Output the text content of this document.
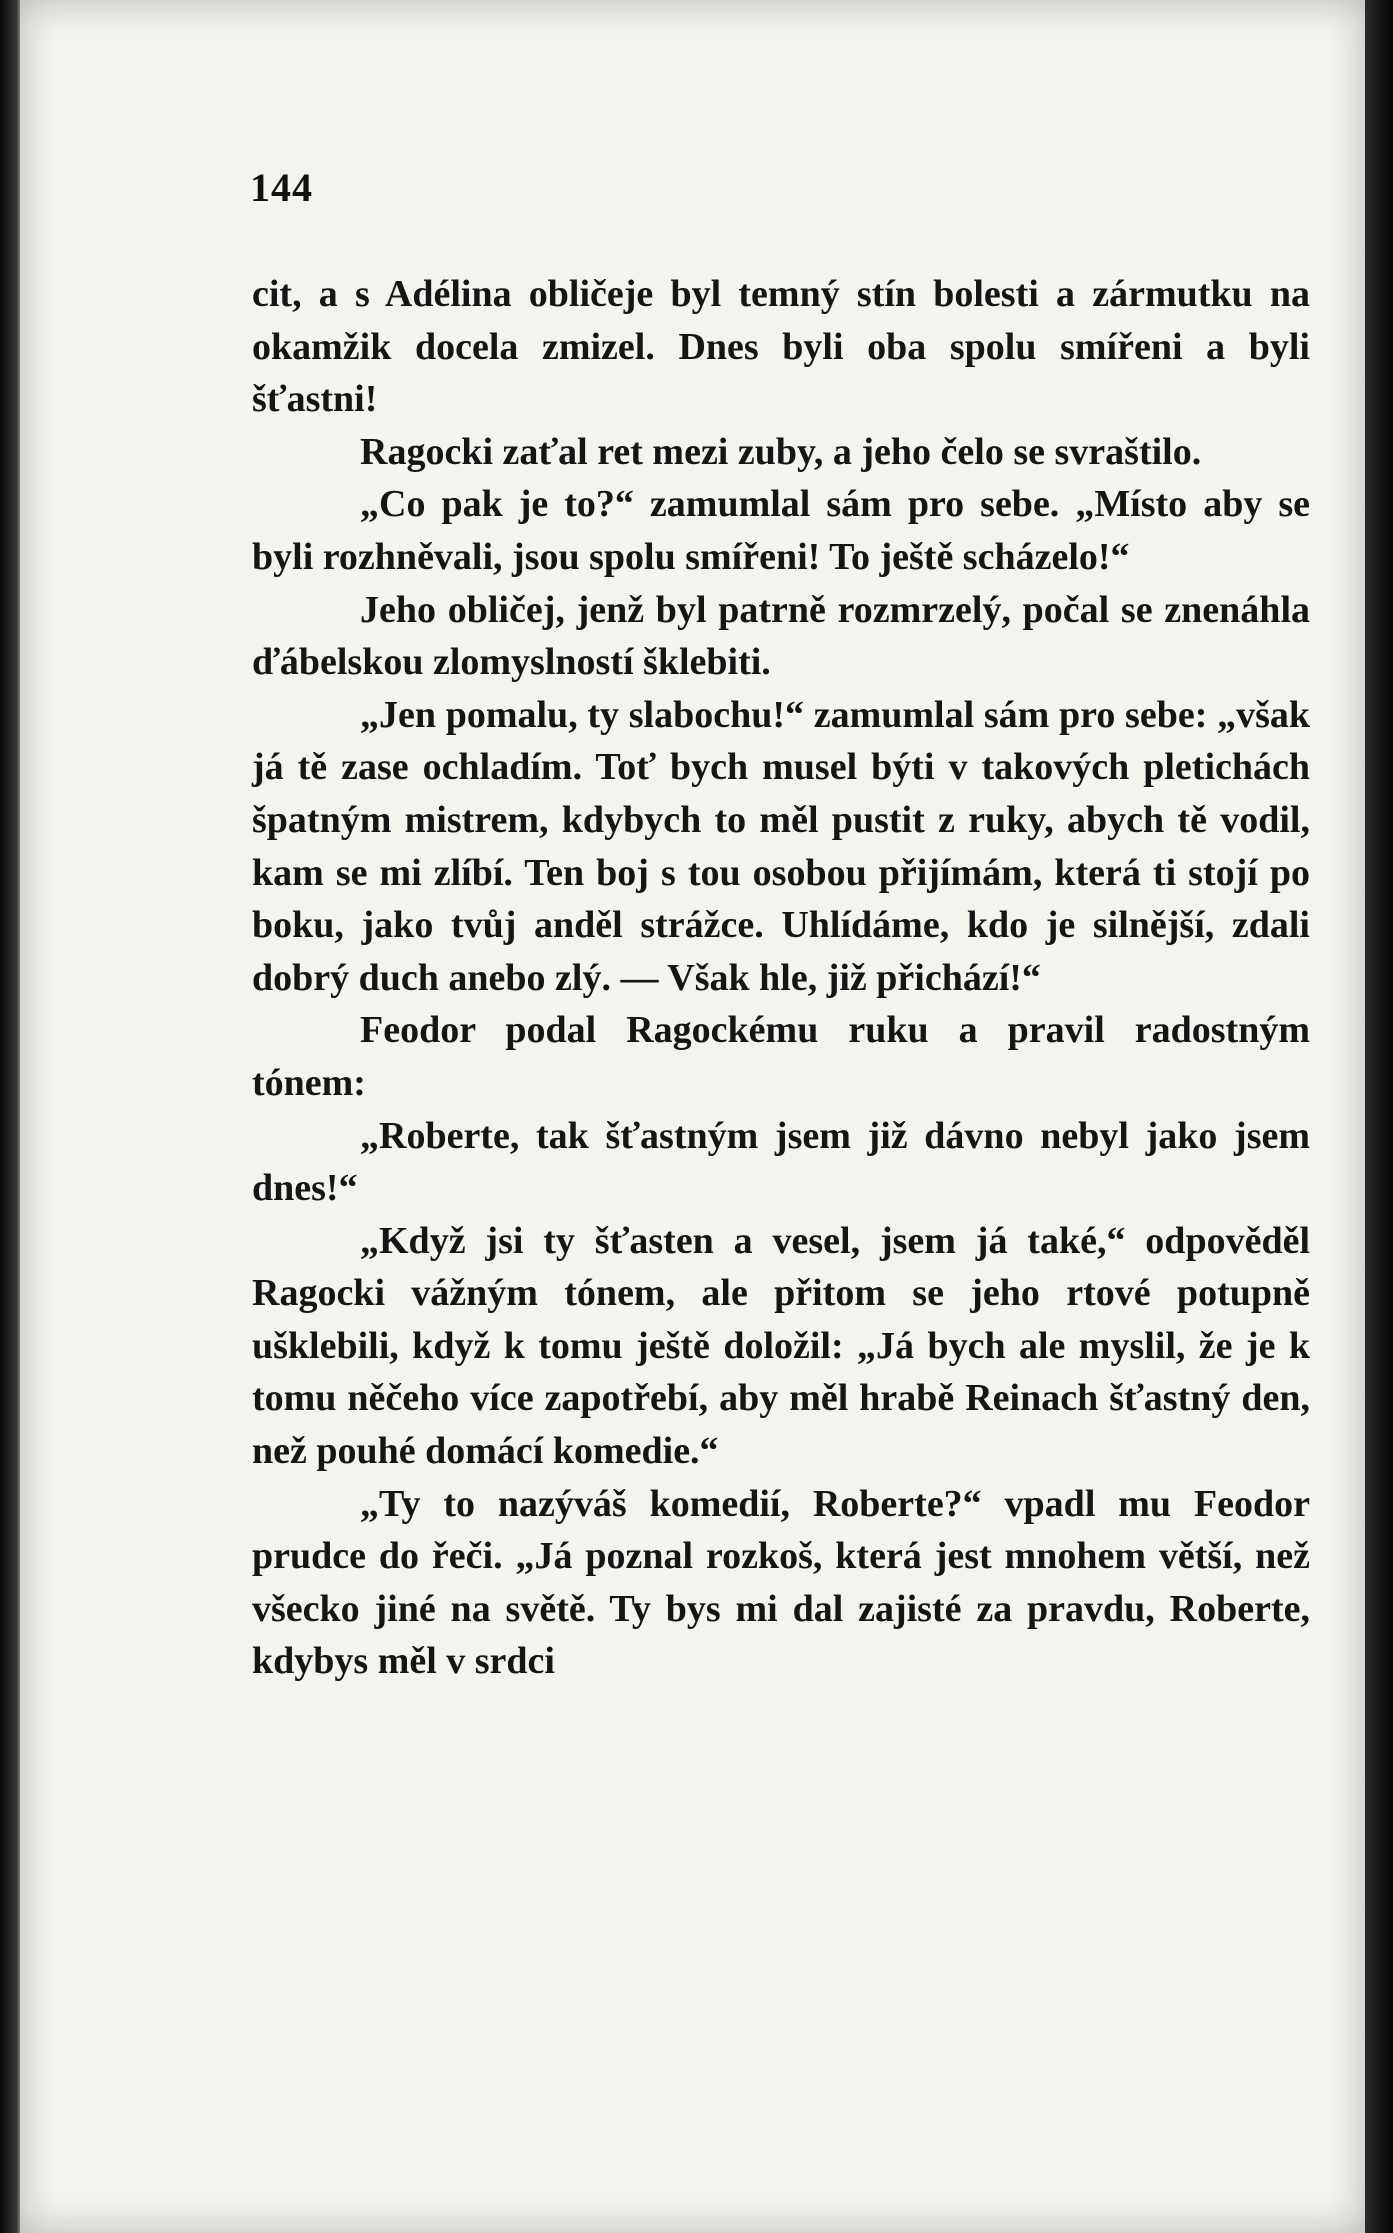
144

cit, a s Adélina obličeje byl temný stín bolesti a zármutku na okamžik docela zmizel. Dnes byli oba spolu smířeni a byli šťastni!

Ragocki zaťal ret mezi zuby, a jeho čelo se svraštilo.

„Co pak je to?“ zamumlal sám pro sebe. „Místo aby se byli rozhněvali, jsou spolu smířeni! To ještě scházelo!“

Jeho obličej, jenž byl patrně rozmrzelý, počal se znenáhla ďábelskou zlomyslností šklebiti.

„Jen pomalu, ty slabochu!“ zamumlal sám pro sebe: „však já tě zase ochladím. Toť bych musel býti v takových pletichách špatným mistrem, kdybych to měl pustit z ruky, abych tě vodil, kam se mi zlíbí. Ten boj s tou osobou přijímám, která ti stojí po boku, jako tvůj anděl strážce. Uhlídáme, kdo je silnější, zdali dobrý duch anebo zlý. — Však hle, již přichází!“

Feodor podal Ragockému ruku a pravil radostným tónem:

„Roberte, tak šťastným jsem již dávno nebyl jako jsem dnes!“

„Když jsi ty šťasten a vesel, jsem já také,“ odpověděl Ragocki vážným tónem, ale přitom se jeho rtové potupně ušklebili, když k tomu ještě doložil: „Já bych ale myslil, že je k tomu něčeho více zapotřebí, aby měl hrabě Reinach šťastný den, než pouhé domácí komedie.“

„Ty to nazýváš komedií, Roberte?“ vpadl mu Feodor prudce do řeči. „Já poznal rozkoš, která jest mnohem větší, než všecko jiné na světě. Ty bys mi dal zajisté za pravdu, Roberte, kdybys měl v srdci
